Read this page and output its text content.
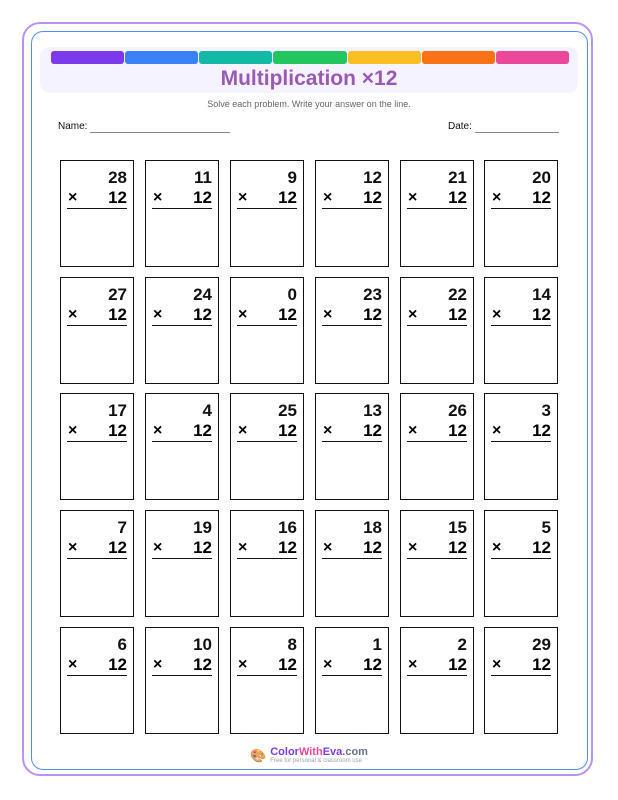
Multiplication ×12
Solve each problem. Write your answer on the line.
Name:	Date:
28
× 12
11
× 12
9
× 12
12
× 12
21
× 12
20
× 12
27
× 12
24
× 12
0
× 12
23
× 12
22
× 12
14
× 12
17
× 12
4
× 12
25
× 12
13
× 12
26
× 12
3
× 12
7
× 12
19
× 12
16
× 12
18
× 12
15
× 12
5
× 12
6
× 12
10
× 12
8
× 12
1
× 12
2
× 12
29
× 12
🎨 ColorWithEva.com
Free for personal & classroom use
